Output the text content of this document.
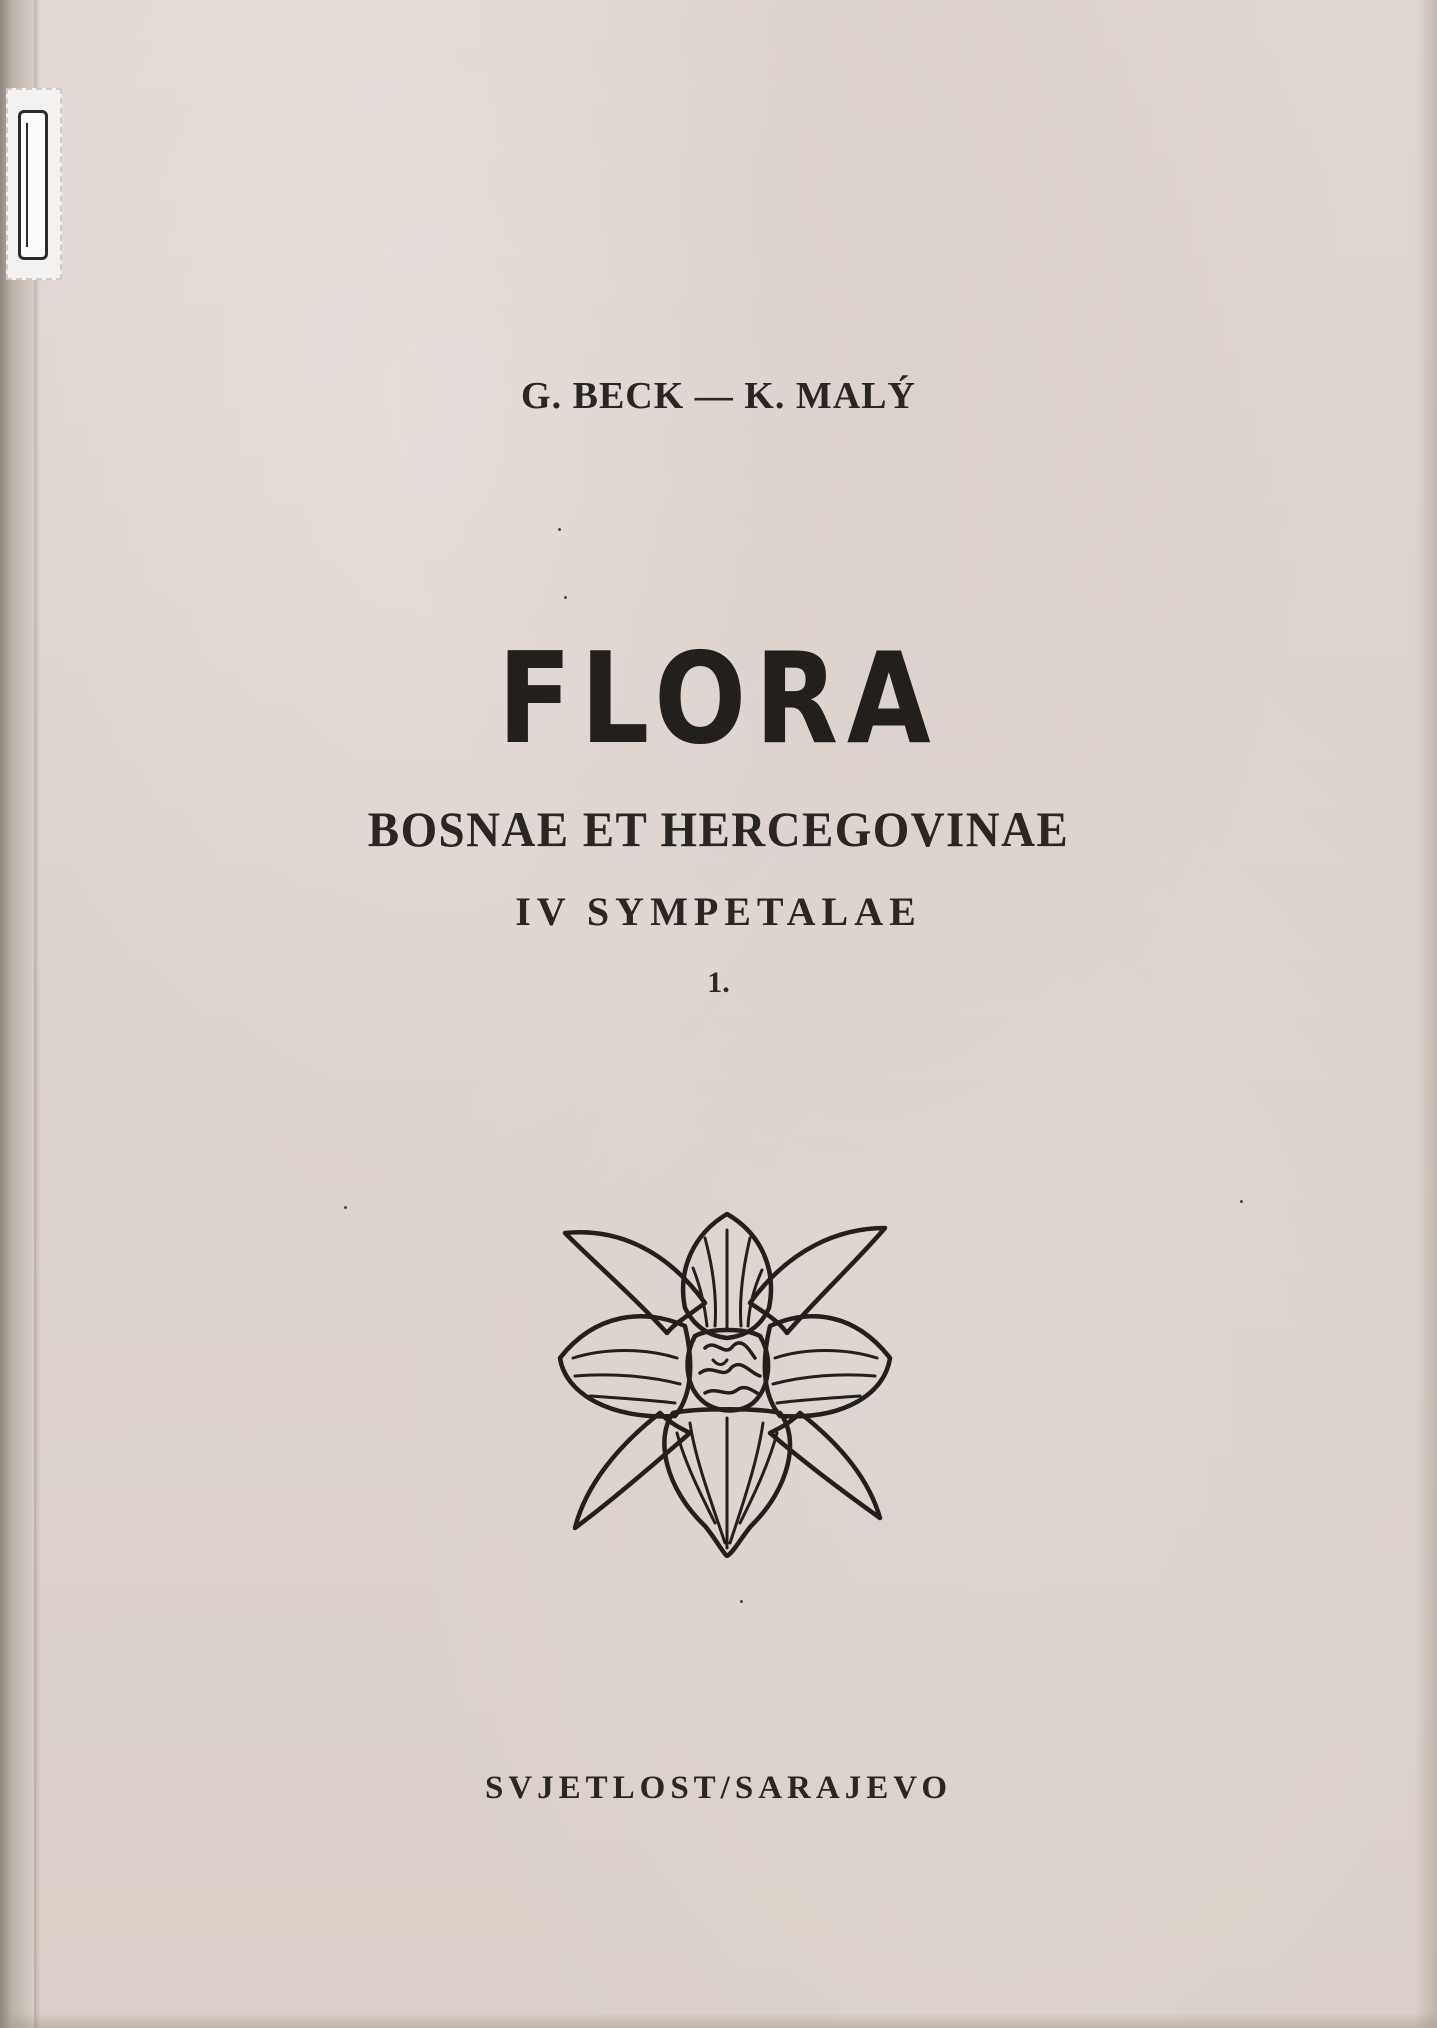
G. BECK — K. MALÝ
FLORA
BOSNAE ET HERCEGOVINAE
IV SYMPETALAE
1.
SVJETLOST/SARAJEVO
